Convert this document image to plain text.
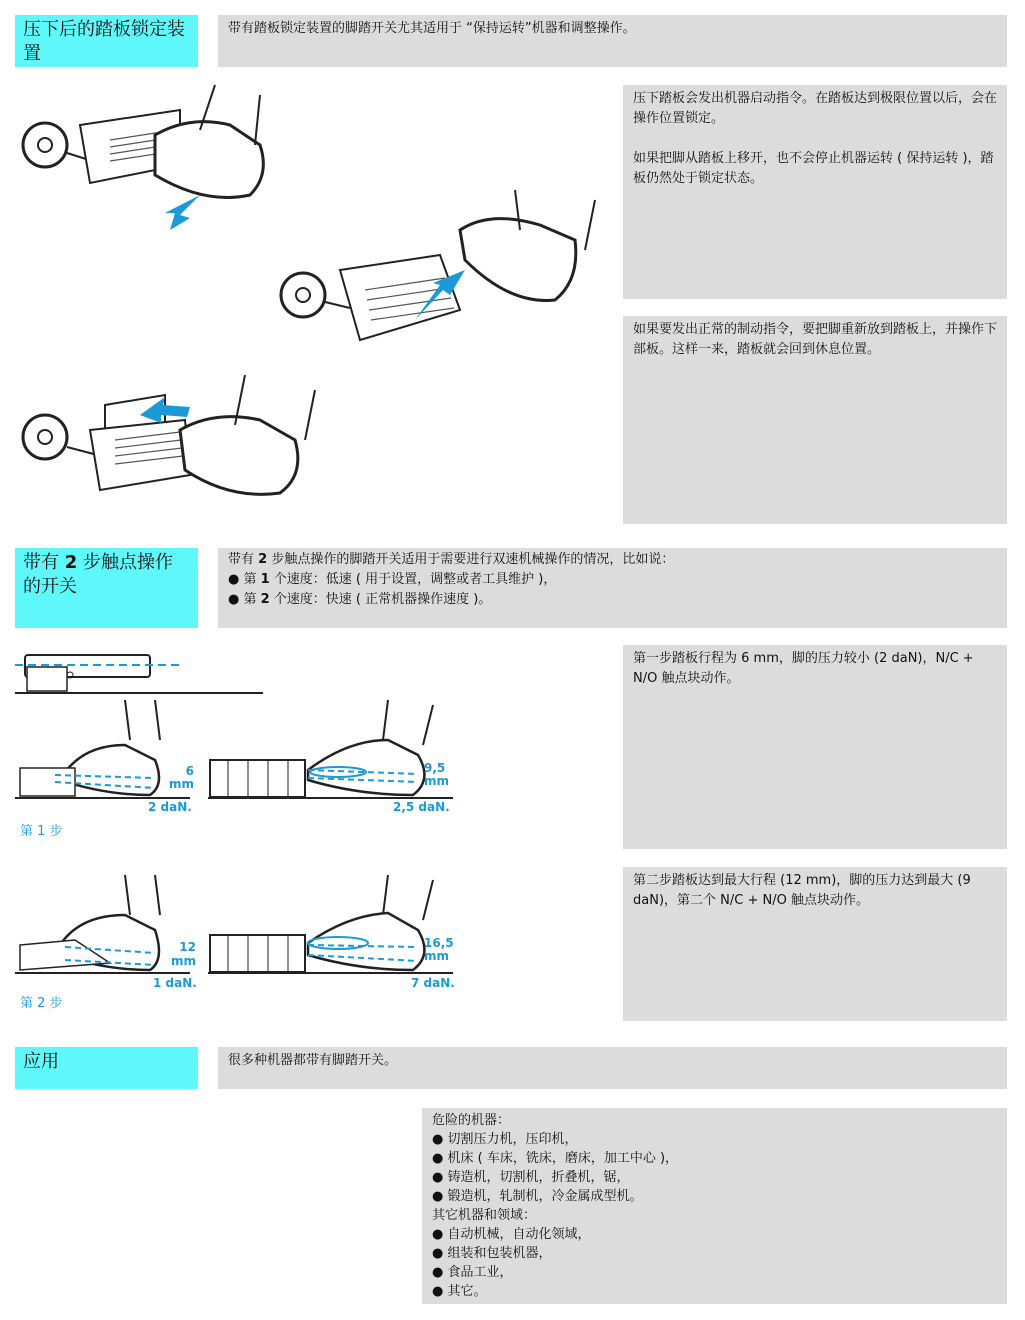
压下后的踏板锁定装置
带有踏板锁定装置的脚踏开关尤其适用于 “保持运转”机器和调整操作。
压下踏板会发出机器启动指令。在踏板达到极限位置以后，会在操作位置锁定。
如果把脚从踏板上移开，也不会停止机器运转 ( 保持运转 )，踏板仍然处于锁定状态。
如果要发出正常的制动指令，要把脚重新放到踏板上，并操作下部板。这样一来，踏板就会回到休息位置。
带有 2 步触点操作的开关
带有 2 步触点操作的脚踏开关适用于需要进行双速机械操作的情况，比如说：
● 第 1 个速度：低速 ( 用于设置，调整或者工具维护 )，
● 第 2 个速度：快速 ( 正常机器操作速度 )。
6
mm
2 daN.
9,5
mm
2,5 daN.
第 1 步
12
mm
1 daN.
16,5
mm
7 daN.
第 2 步
第一步踏板行程为 6 mm，脚的压力较小 (2 daN)，N/C + N/O 触点块动作。
第二步踏板达到最大行程 (12 mm)，脚的压力达到最大 (9 daN)，第二个 N/C + N/O 触点块动作。
应用	很多种机器都带有脚踏开关。
危险的机器：
● 切割压力机，压印机，
● 机床 ( 车床，铣床，磨床，加工中心 )，
● 铸造机，切割机，折叠机，锯，
● 锻造机，轧制机，冷金属成型机。
其它机器和领域：
● 自动机械，自动化领域，
● 组装和包装机器，
● 食品工业，
● 其它。
